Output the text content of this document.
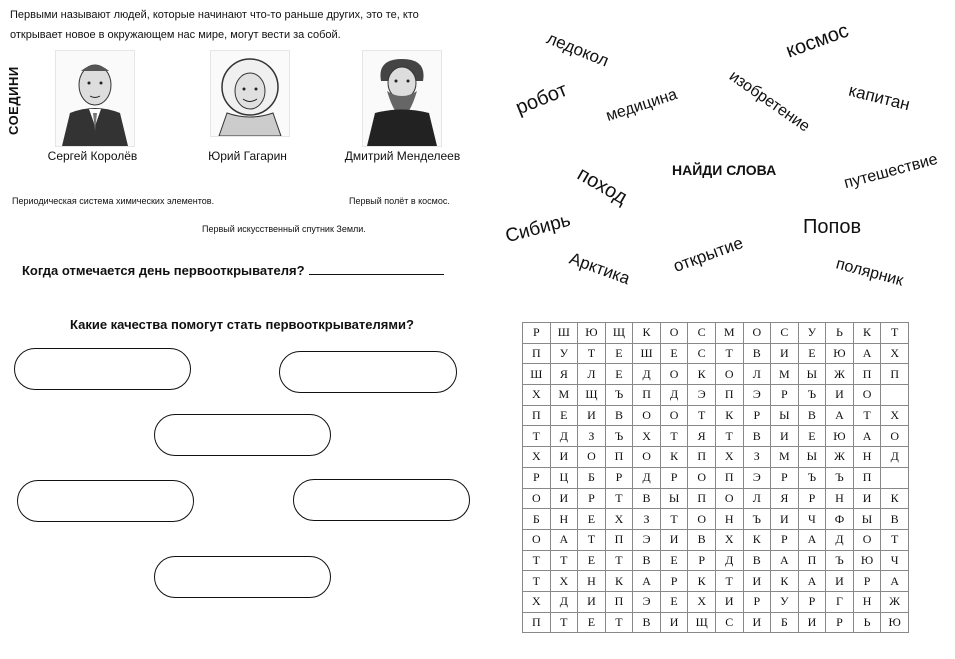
Первыми называют людей, которые начинают что-то раньше других, это те, кто открывает новое в окружающем нас мире, могут вести за собой.
СОЕДИНИ
Сергей Королёв	Юрий Гагарин	Дмитрий Менделеев
Периодическая система химических элементов.	Первый полёт в космос.
Первый искусственный спутник Земли.
Когда отмечается день первооткрывателя?
Какие качества помогут стать первооткрывателями?
ледокол	космос
робот медицина	изобретение капитан
поход	НАЙДИ СЛОВА	путешествие
Сибирь	Попов
Арктика открытие	полярник
Р	Ш	Ю	Щ	К	О	С	М	О	С	У	Ь	К	Т
П	У	Т	Е	Ш	Е	С	Т	В	И	Е	Ю	А	Х
Ш	Я	Л	Е	Д	О	К	О	Л	М	Ы	Ж	П	П
Х	М	Щ	Ъ	П	Д	Э	П	Э	Р	Ъ	И	О	
П	Е	И	В	О	О	Т	К	Р	Ы	В	А	Т	Х
Т	Д	З	Ъ	Х	Т	Я	Т	В	И	Е	Ю	А	О
Х	И	О	П	О	К	П	Х	З	М	Ы	Ж	Н	Д
Р	Ц	Б	Р	Д	Р	О	П	Э	Р	Ъ	Ъ	П	
О	И	Р	Т	В	Ы	П	О	Л	Я	Р	Н	И	К
Б	Н	Е	Х	З	Т	О	Н	Ъ	И	Ч	Ф	Ы	В
О	А	Т	П	Э	И	В	Х	К	Р	А	Д	О	Т
Т	Т	Е	Т	В	Е	Р	Д	В	А	П	Ъ	Ю	Ч
Т	Х	Н	К	А	Р	К	Т	И	К	А	И	Р	А
Х	Д	И	П	Э	Е	Х	И	Р	У	Р	Г	Н	Ж
П	Т	Е	Т	В	И	Щ	С	И	Б	И	Р	Ь	Ю
